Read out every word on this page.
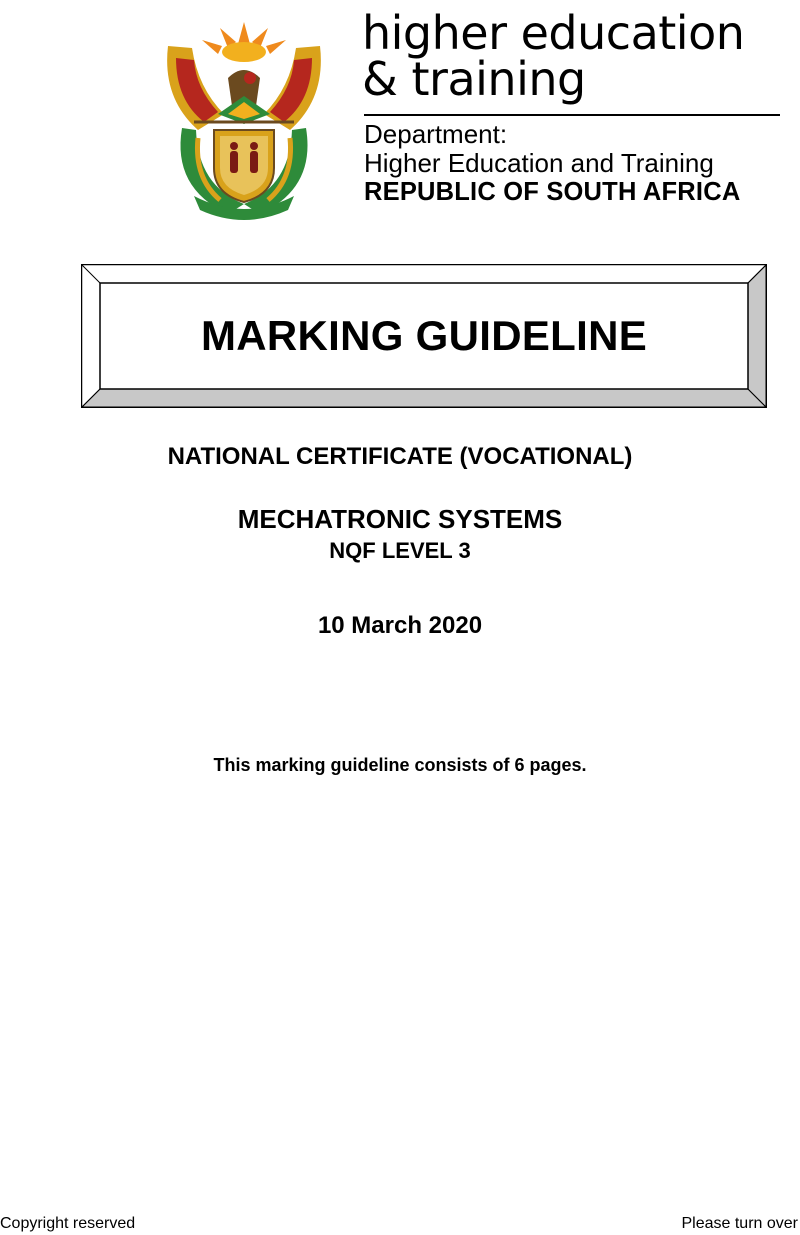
higher education
& training
Department:
Higher Education and Training
REPUBLIC OF SOUTH AFRICA
MARKING GUIDELINE
NATIONAL CERTIFICATE (VOCATIONAL)
MECHATRONIC SYSTEMS
NQF LEVEL 3
10 March 2020
This marking guideline consists of 6 pages.
Copyright reserved	Please turn over
